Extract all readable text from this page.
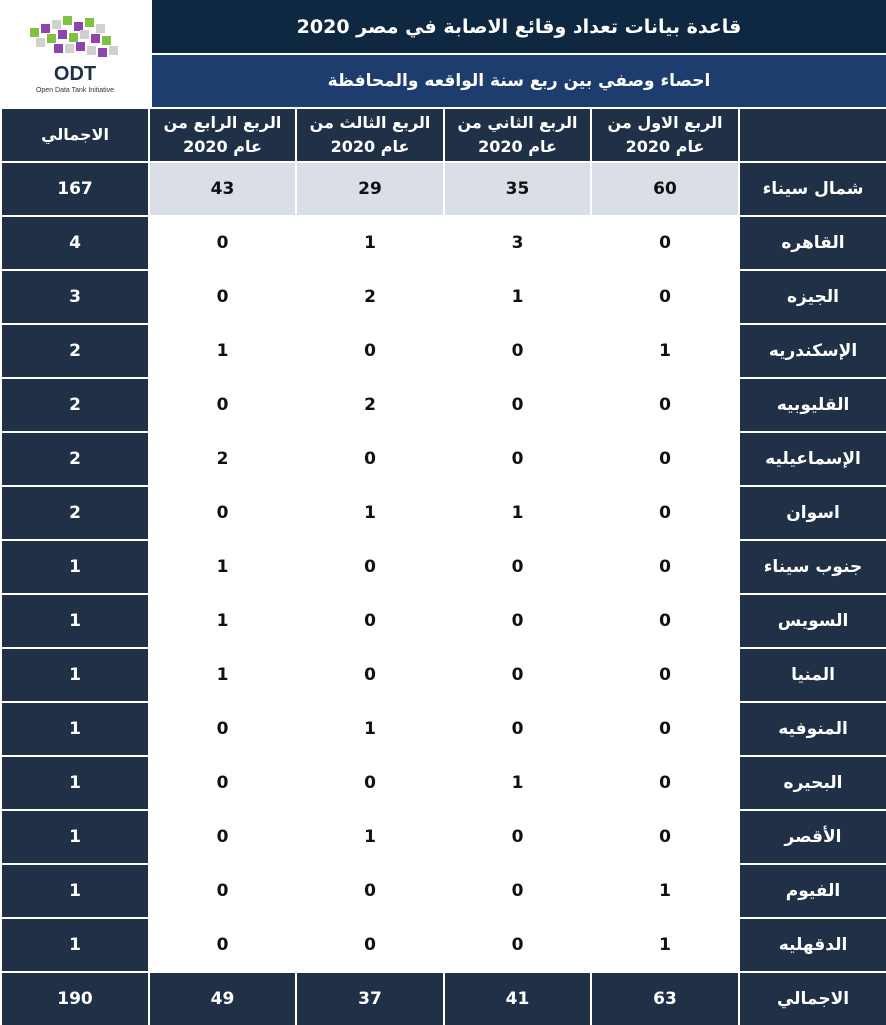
ODT
Open Data Tank Initiative
قاعدة بيانات تعداد وقائع الاصابة في مصر 2020
احصاء وصفي بين ربع سنة الواقعه والمحافظة
الربع الاول من عام 2020
الربع الثاني من عام 2020
الربع الثالث من عام 2020
الربع الرابع من عام 2020
الاجمالي
شمال سيناء
60
35
29
43
167
القاهره
0
3
1
0
4
الجيزه
0
1
2
0
3
الإسكندريه
1
0
0
1
2
القليوبيه
0
0
2
0
2
الإسماعيليه
0
0
0
2
2
اسوان
0
1
1
0
2
جنوب سيناء
0
0
0
1
1
السويس
0
0
0
1
1
المنيا
0
0
0
1
1
المنوفيه
0
0
1
0
1
البحيره
0
1
0
0
1
الأقصر
0
0
1
0
1
الفيوم
1
0
0
0
1
الدقهليه
1
0
0
0
1
الاجمالي
63
41
37
49
190
